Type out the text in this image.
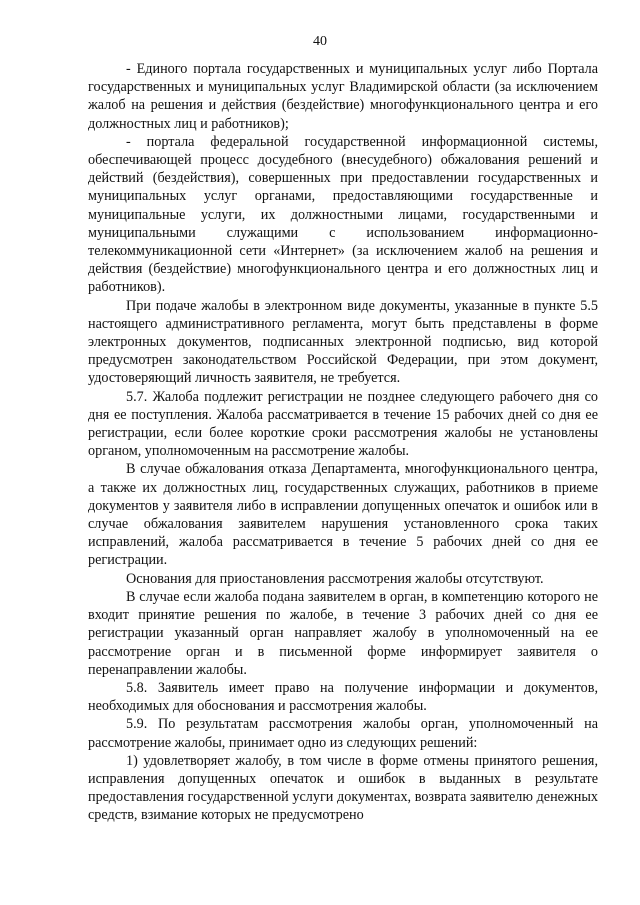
40

- Единого портала государственных и муниципальных услуг либо Портала государственных и муниципальных услуг Владимирской области (за исключением жалоб на решения и действия (бездействие) многофункционального центра и его должностных лиц и работников);

- портала федеральной государственной информационной системы, обеспечивающей процесс досудебного (внесудебного) обжалования решений и действий (бездействия), совершенных при предоставлении государственных и муниципальных услуг органами, предоставляющими государственные и муниципальные услуги, их должностными лицами, государственными и муниципальными служащими с использованием информационно-телекоммуникационной сети «Интернет» (за исключением жалоб на решения и действия (бездействие) многофункционального центра и его должностных лиц и работников).

При подаче жалобы в электронном виде документы, указанные в пункте 5.5 настоящего административного регламента, могут быть представлены в форме электронных документов, подписанных электронной подписью, вид которой предусмотрен законодательством Российской Федерации, при этом документ, удостоверяющий личность заявителя, не требуется.

5.7. Жалоба подлежит регистрации не позднее следующего рабочего дня со дня ее поступления. Жалоба рассматривается в течение 15 рабочих дней со дня ее регистрации, если более короткие сроки рассмотрения жалобы не установлены органом, уполномоченным на рассмотрение жалобы.

В случае обжалования отказа Департамента, многофункционального центра, а также их должностных лиц, государственных служащих, работников в приеме документов у заявителя либо в исправлении допущенных опечаток и ошибок или в случае обжалования заявителем нарушения установленного срока таких исправлений, жалоба рассматривается в течение 5 рабочих дней со дня ее регистрации.

Основания для приостановления рассмотрения жалобы отсутствуют.

В случае если жалоба подана заявителем в орган, в компетенцию которого не входит принятие решения по жалобе, в течение 3 рабочих дней со дня ее регистрации указанный орган направляет жалобу в уполномоченный на ее рассмотрение орган и в письменной форме информирует заявителя о перенаправлении жалобы.

5.8. Заявитель имеет право на получение информации и документов, необходимых для обоснования и рассмотрения жалобы.

5.9. По результатам рассмотрения жалобы орган, уполномоченный на рассмотрение жалобы, принимает одно из следующих решений:

1) удовлетворяет жалобу, в том числе в форме отмены принятого решения, исправления допущенных опечаток и ошибок в выданных в результате предоставления государственной услуги документах, возврата заявителю денежных средств, взимание которых не предусмотрено
